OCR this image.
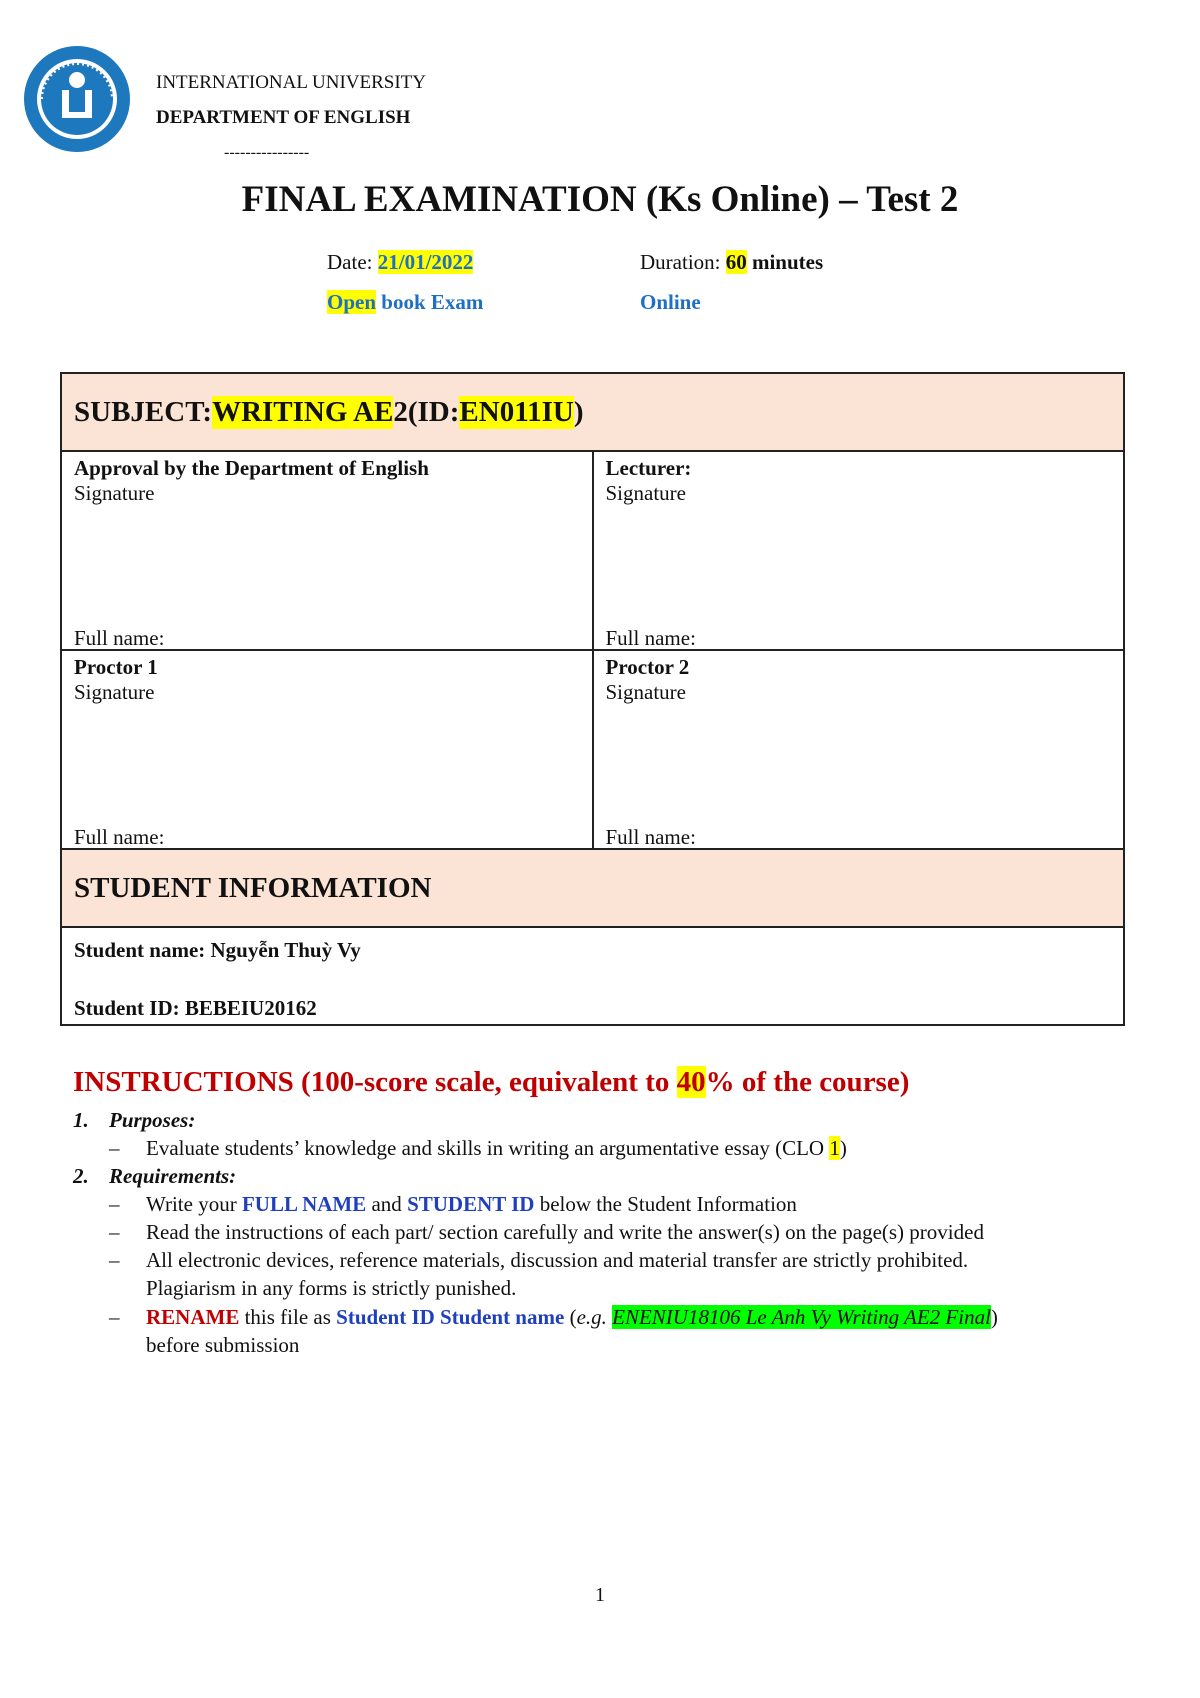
INTERNATIONAL UNIVERSITY
DEPARTMENT OF ENGLISH
----------------
FINAL EXAMINATION (Ks Online) – Test 2
Date: 21/01/2022	Duration: 60 minutes
Open book Exam	Online
SUBJECT: WRITING AE 2 (ID: EN011IU )
Approval by the Department of English
Signature
Full name:
Lecturer:
Signature
Full name:
Proctor 1
Signature
Full name:
Proctor 2
Signature
Full name:
STUDENT INFORMATION
Student name: Nguyễn Thuỳ Vy
Student ID: BEBEIU20162
INSTRUCTIONS (100-score scale, equivalent to 40% of the course)
1. Purposes:
– Evaluate students’ knowledge and skills in writing an argumentative essay (CLO 1)
2. Requirements:
– Write your FULL NAME and STUDENT ID below the Student Information
– Read the instructions of each part/ section carefully and write the answer(s) on the page(s) provided
– All electronic devices, reference materials, discussion and material transfer are strictly prohibited.
Plagiarism in any forms is strictly punished.
– RENAME this file as Student ID Student name (e.g. ENENIU18106 Le Anh Vy Writing AE2 Final)
before submission
1
